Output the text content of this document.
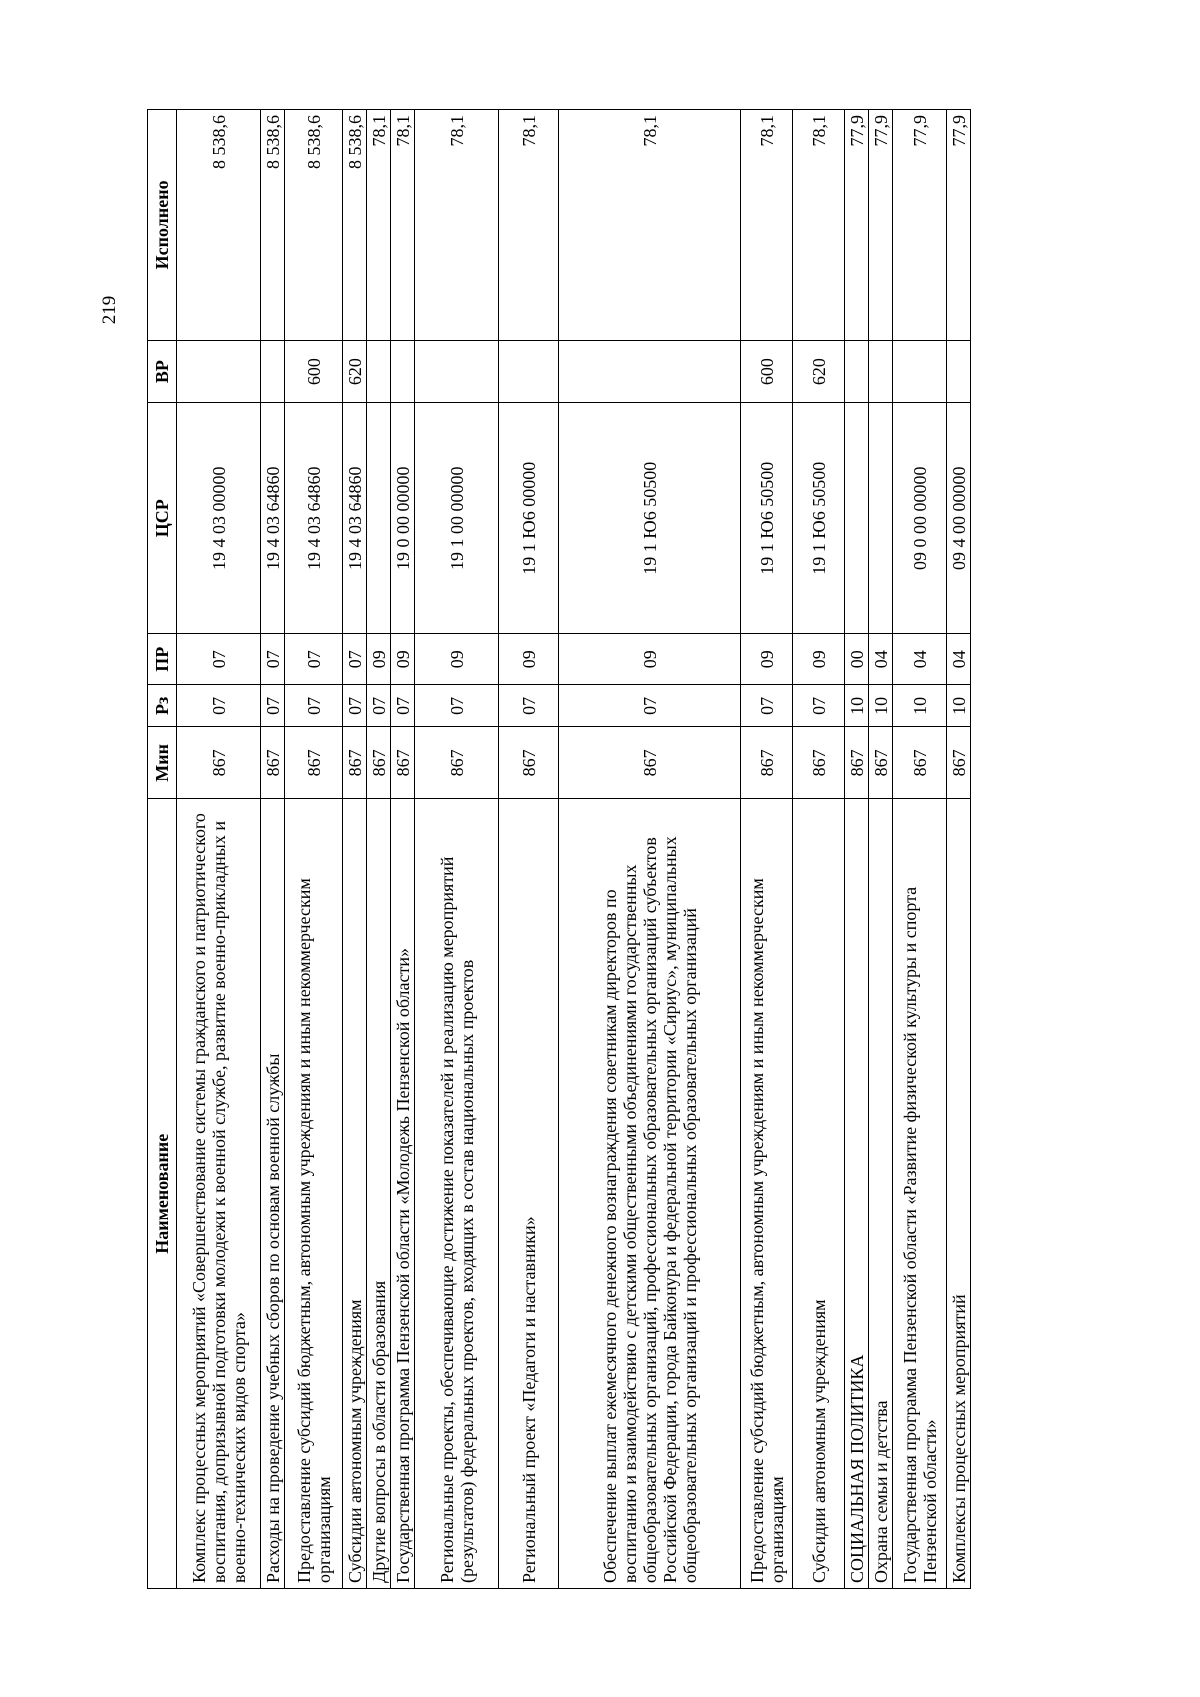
219
Наименование	Мин	Рз	ПР	ЦСР	ВР	Исполнено
Комплекс процессных мероприятий «Совершенствование системы гражданского и патриотического воспитания, допризывной подготовки молодежи к военной службе, развитие военно-прикладных и военно-технических видов спорта»	867	07	07	19 4 03 00000		8 538,6
Расходы на проведение учебных сборов по основам военной службы	867	07	07	19 4 03 64860		8 538,6
Предоставление субсидий бюджетным, автономным учреждениям и иным некоммерческим организациям	867	07	07	19 4 03 64860	600	8 538,6
Субсидии автономным учреждениям	867	07	07	19 4 03 64860	620	8 538,6
Другие вопросы в области образования	867	07	09			78,1
Государственная программа Пензенской области «Молодежь Пензенской области»	867	07	09	19 0 00 00000		78,1
Региональные проекты, обеспечивающие достижение показателей и реализацию мероприятий (результатов) федеральных проектов, входящих в состав национальных проектов	867	07	09	19 1 00 00000		78,1
Региональный проект «Педагоги и наставники»	867	07	09	19 1 Ю6 00000		78,1
Обеспечение выплат ежемесячного денежного вознаграждения советникам директоров по воспитанию и взаимодействию с детскими общественными объединениями государственных общеобразовательных организаций, профессиональных образовательных организаций субъектов Российской Федерации, города Байконура и федеральной территории «Сириус», муниципальных общеобразовательных организаций и профессиональных образовательных организаций	867	07	09	19 1 Ю6 50500		78,1
Предоставление субсидий бюджетным, автономным учреждениям и иным некоммерческим организациям	867	07	09	19 1 Ю6 50500	600	78,1
Субсидии автономным учреждениям	867	07	09	19 1 Ю6 50500	620	78,1
СОЦИАЛЬНАЯ ПОЛИТИКА	867	10	00			77,9
Охрана семьи и детства	867	10	04			77,9
Государственная программа Пензенской области «Развитие физической культуры и спорта Пензенской области»	867	10	04	09 0 00 00000		77,9
Комплексы процессных мероприятий	867	10	04	09 4 00 00000		77,9
